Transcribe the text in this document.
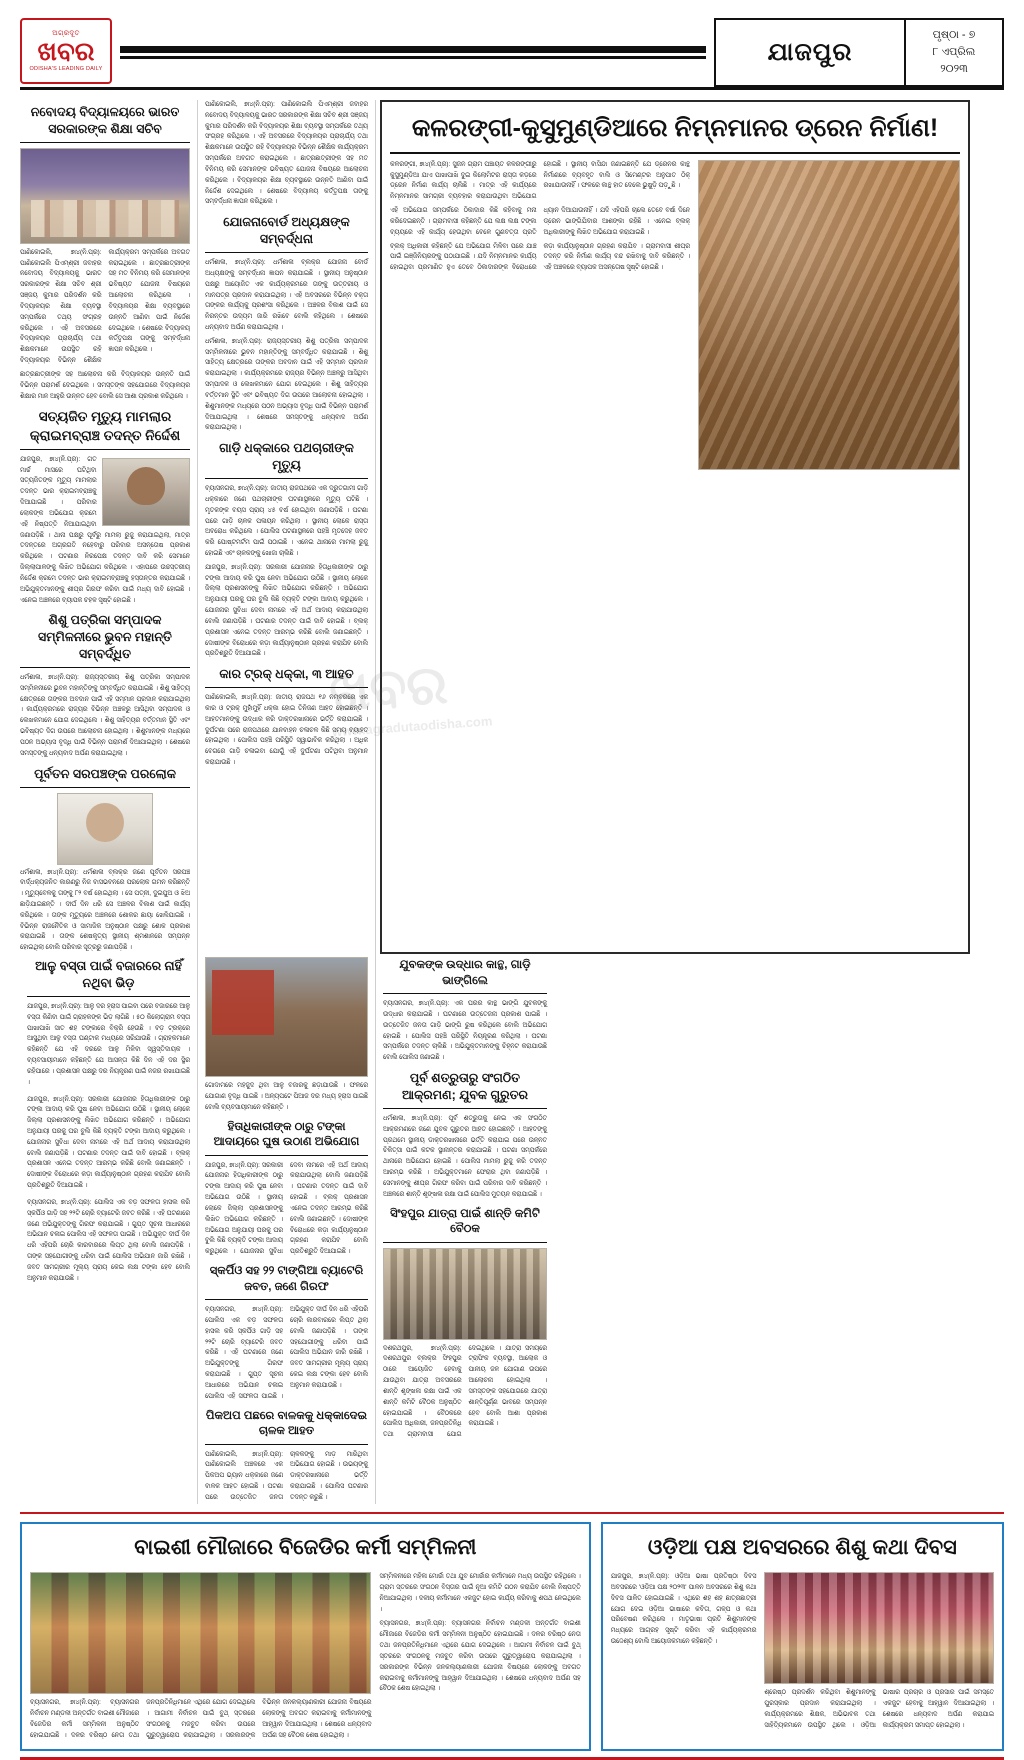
ଅଗ୍ରଦୂତ
ଖବର
ODISHA'S LEADING DAILY
ଯାଜପୁର
ପୃଷ୍ଠା - ୭
୮ ଏପ୍ରିଲ
୨୦୨୩
ନବୋଦୟ ବିଦ୍ୟାଳୟରେ ଭାରତ ସରକାରଙ୍କ ଶିକ୍ଷା ସଚିବ
ପାଣିକୋଇଲି, ୭ା୪(ନି.ପ୍ର): ପାଣିକୋଇଲି ପିଏମ୍‌ଶ୍ରୀ ଜବାହର ନବୋଦୟ ବିଦ୍ୟାଳୟକୁ ଭାରତ ସରକାରଙ୍କ ଶିକ୍ଷା ସଚିବ ଶ୍ରୀ ସଞ୍ଜୟ କୁମାର ପରିଦର୍ଶନ କରି ବିଦ୍ୟାଳୟର ଶିକ୍ଷା ବ୍ୟବସ୍ଥା ସମ୍ପର୍କରେ ତଥ୍ୟ ସଂଗ୍ରହ କରିଥିଲେ । ଏହି ଅବସରରେ ବିଦ୍ୟାଳୟର ପ୍ରାଚାର୍ଯ୍ୟ ତଥା ଶିକ୍ଷକମାନେ ଉପସ୍ଥିତ ରହି ବିଦ୍ୟାଳୟର ବିଭିନ୍ନ ଶୈକ୍ଷିକ କାର୍ଯ୍ୟକ୍ରମ ସମ୍ପର୍କରେ ଅବଗତ କରାଇଥିଲେ । ଛାତ୍ରଛାତ୍ରୀଙ୍କ ସହ ମତ ବିନିମୟ କରି ସେମାନଙ୍କ ଭବିଷ୍ୟତ ଯୋଜନା ବିଷୟରେ ଆଲୋଚନା କରିଥିଲେ । ବିଦ୍ୟାଳୟର ଶିକ୍ଷା ବ୍ୟବସ୍ଥାରେ ଉନ୍ନତି ଆଣିବା ପାଇଁ ନିର୍ଦ୍ଦେଶ ଦେଇଥିଲେ । ଶେଷରେ ବିଦ୍ୟାଳୟ କର୍ତ୍ତୃପକ୍ଷ ତାଙ୍କୁ ସମ୍ବର୍ଦ୍ଧନା ଜ୍ଞାପନ କରିଥିଲେ ।
ଛାତ୍ରଛାତ୍ରୀଙ୍କ ସହ ଆଲୋଚନା କରି ବିଦ୍ୟାଳୟର ଉନ୍ନତି ପାଇଁ ବିଭିନ୍ନ ପରାମର୍ଶ ଦେଇଥିଲେ । ସମସ୍ତଙ୍କ ସହଯୋଗରେ ବିଦ୍ୟାଳୟର ଶିକ୍ଷାର ମାନ ଆହୁରି ଉନ୍ନତ ହେବ ବୋଲି ସେ ଆଶା ପ୍ରକାଶ କରିଥିଲେ ।
ସତ୍ୟଜିତ ମୃତ୍ୟୁ ମାମଲାର କ୍ରାଇମବ୍ରାଞ୍ଚ ତଦନ୍ତ ନିର୍ଦ୍ଦେଶ
ଯାଜପୁର, ୭ା୪(ନି.ପ୍ର): ଗତ ମାର୍ଚ୍ଚ ମାସରେ ଘଟିଥିବା ସତ୍ୟଜିତଙ୍କ ମୃତ୍ୟୁ ମାମଲାର ତଦନ୍ତ ଭାର କ୍ରାଇମବ୍ରାଞ୍ଚକୁ ଦିଆଯାଇଛି । ପରିବାର ଲୋକଙ୍କ ଅଭିଯୋଗ କ୍ରମେ ଏହି ନିଷ୍ପତ୍ତି ନିଆଯାଇଥିବା ଜଣାପଡ଼ିଛି । ଥାନା ପକ୍ଷରୁ ପୂର୍ବରୁ ମାମଲା ରୁଜୁ କରାଯାଇଥିଲା, ମାତ୍ର ତଦନ୍ତରେ ଅଗ୍ରଗତି ନହେବାରୁ ପରିବାର ଅସନ୍ତୋଷ ପ୍ରକାଶ କରିଥିଲେ । ଘଟଣାର ନିରପେକ୍ଷ ତଦନ୍ତ ଦାବି କରି ସେମାନେ ଜିଲ୍ଲାପାଳଙ୍କୁ ଲିଖିତ ଅଭିଯୋଗ କରିଥିଲେ । ଏହାପରେ ଉଚ୍ଚସ୍ତରୀୟ ନିର୍ଦ୍ଦେଶ କ୍ରମେ ତଦନ୍ତ ଭାର କ୍ରାଇମବ୍ରାଞ୍ଚକୁ ହସ୍ତାନ୍ତର କରାଯାଇଛି । ଅଭିଯୁକ୍ତମାନଙ୍କୁ ଶୀଘ୍ର ଗିରଫ କରିବା ପାଇଁ ମଧ୍ୟ ଦାବି ହୋଇଛି । ଏନେଇ ଅଞ୍ଚଳରେ ବ୍ୟାପକ ଚହଳ ସୃଷ୍ଟି ହୋଇଛି ।
ଶିଶୁ ପତ୍ରିକା ସମ୍ପାଦକ ସମ୍ମିଳନୀରେ ଭୁବନ ମହାନ୍ତି ସମ୍ବର୍ଦ୍ଧିତ
ଧର୍ମଶାଳା, ୭ା୪(ନି.ପ୍ର): ରାଜ୍ୟସ୍ତରୀୟ ଶିଶୁ ପତ୍ରିକା ସମ୍ପାଦକ ସମ୍ମିଳନୀରେ ଭୁବନ ମହାନ୍ତିଙ୍କୁ ସମ୍ବର୍ଦ୍ଧିତ କରାଯାଇଛି । ଶିଶୁ ସାହିତ୍ୟ କ୍ଷେତ୍ରରେ ତାଙ୍କର ଅବଦାନ ପାଇଁ ଏହି ସମ୍ମାନ ପ୍ରଦାନ କରାଯାଇଥିଲା । କାର୍ଯ୍ୟକ୍ରମରେ ରାଜ୍ୟର ବିଭିନ୍ନ ଅଞ୍ଚଳରୁ ଆସିଥିବା ସମ୍ପାଦକ ଓ ଲେଖକମାନେ ଯୋଗ ଦେଇଥିଲେ । ଶିଶୁ ସାହିତ୍ୟର ବର୍ତ୍ତମାନ ସ୍ଥିତି ଏବଂ ଭବିଷ୍ୟତ ଦିଗ ଉପରେ ଆଲୋଚନା ହୋଇଥିଲା । ଶିଶୁମାନଙ୍କ ମଧ୍ୟରେ ପଠନ ଅଭ୍ୟାସ ବୃଦ୍ଧି ପାଇଁ ବିଭିନ୍ନ ପରାମର୍ଶ ଦିଆଯାଇଥିଲା । ଶେଷରେ ସମସ୍ତଙ୍କୁ ଧନ୍ୟବାଦ ଅର୍ପଣ କରାଯାଇଥିଲା ।
ପୂର୍ବତନ ସରପଞ୍ଚଙ୍କ ପରଲୋକ
ଧର୍ମଶାଳା, ୭ା୪(ନି.ପ୍ର): ଧର୍ମଶାଳା ବ୍ଲକ୍‌ର ଜଣେ ପୂର୍ବତନ ସରପଞ୍ଚ ବାର୍ଦ୍ଧକ୍ୟଜନିତ କାରଣରୁ ନିଜ ବାସଭବନରେ ପରଲୋକ ଗମନ କରିଛନ୍ତି । ମୃତ୍ୟୁବେଳକୁ ତାଙ୍କୁ ୮୨ ବର୍ଷ ହୋଇଥିଲା । ସେ ପତ୍ନୀ, ଦୁଇପୁଅ ଓ ଝିଅ ଛାଡ଼ିଯାଇଛନ୍ତି । ଦୀର୍ଘ ଦିନ ଧରି ସେ ଅଞ୍ଚଳର ବିକାଶ ପାଇଁ କାର୍ଯ୍ୟ କରିଥିଲେ । ତାଙ୍କ ମୃତ୍ୟୁରେ ଅଞ୍ଚଳରେ ଶୋକର ଛାୟା ଖେଳିଯାଇଛି । ବିଭିନ୍ନ ରାଜନୈତିକ ଓ ସାମାଜିକ ଅନୁଷ୍ଠାନ ପକ୍ଷରୁ ଶୋକ ପ୍ରକାଶ କରାଯାଇଛି । ତାଙ୍କ ଶେଷକୃତ୍ୟ ସ୍ଥାନୀୟ ଶ୍ମଶାନରେ ସମ୍ପନ୍ନ ହୋଇଥିଲା ବୋଲି ପରିବାର ସୂତ୍ରରୁ ଜଣାପଡ଼ିଛି ।
ପାଣିକୋଇଲି, ୭ା୪(ନି.ପ୍ର): ପାଣିକୋଇଲି ପିଏମ୍‌ଶ୍ରୀ ଜବାହର ନବୋଦୟ ବିଦ୍ୟାଳୟକୁ ଭାରତ ସରକାରଙ୍କ ଶିକ୍ଷା ସଚିବ ଶ୍ରୀ ସଞ୍ଜୟ କୁମାର ପରିଦର୍ଶନ କରି ବିଦ୍ୟାଳୟର ଶିକ୍ଷା ବ୍ୟବସ୍ଥା ସମ୍ପର୍କରେ ତଥ୍ୟ ସଂଗ୍ରହ କରିଥିଲେ । ଏହି ଅବସରରେ ବିଦ୍ୟାଳୟର ପ୍ରାଚାର୍ଯ୍ୟ ତଥା ଶିକ୍ଷକମାନେ ଉପସ୍ଥିତ ରହି ବିଦ୍ୟାଳୟର ବିଭିନ୍ନ ଶୈକ୍ଷିକ କାର୍ଯ୍ୟକ୍ରମ ସମ୍ପର୍କରେ ଅବଗତ କରାଇଥିଲେ । ଛାତ୍ରଛାତ୍ରୀଙ୍କ ସହ ମତ ବିନିମୟ କରି ସେମାନଙ୍କ ଭବିଷ୍ୟତ ଯୋଜନା ବିଷୟରେ ଆଲୋଚନା କରିଥିଲେ । ବିଦ୍ୟାଳୟର ଶିକ୍ଷା ବ୍ୟବସ୍ଥାରେ ଉନ୍ନତି ଆଣିବା ପାଇଁ ନିର୍ଦ୍ଦେଶ ଦେଇଥିଲେ । ଶେଷରେ ବିଦ୍ୟାଳୟ କର୍ତ୍ତୃପକ୍ଷ ତାଙ୍କୁ ସମ୍ବର୍ଦ୍ଧନା ଜ୍ଞାପନ କରିଥିଲେ ।
ଯୋଜନାବୋର୍ଡ ଅଧ୍ୟକ୍ଷଙ୍କ ସମ୍ବର୍ଦ୍ଧନା
ଧର୍ମଶାଳା, ୭ା୪(ନି.ପ୍ର): ଧର୍ମଶାଳା ବ୍ଲକ୍‌ର ଯୋଜନା ବୋର୍ଡ ଅଧ୍ୟକ୍ଷଙ୍କୁ ସମ୍ବର୍ଦ୍ଧନା ଜ୍ଞାପନ କରାଯାଇଛି । ସ୍ଥାନୀୟ ଅନୁଷ୍ଠାନ ପକ୍ଷରୁ ଆୟୋଜିତ ଏକ କାର୍ଯ୍ୟକ୍ରମରେ ତାଙ୍କୁ ଉତ୍ତରୀୟ ଓ ମାନପତ୍ର ପ୍ରଦାନ କରାଯାଇଥିଲା । ଏହି ଅବସରରେ ବିଭିନ୍ନ ବକ୍ତା ତାଙ୍କର କାର୍ଯ୍ୟକୁ ପ୍ରଶଂସା କରିଥିଲେ । ଅଞ୍ଚଳର ବିକାଶ ପାଇଁ ସେ ନିରନ୍ତର ଉଦ୍ୟମ ଜାରି ରଖିବେ ବୋଲି କହିଥିଲେ । ଶେଷରେ ଧନ୍ୟବାଦ ଅର୍ପଣ କରାଯାଇଥିଲା ।
ଧର୍ମଶାଳା, ୭ା୪(ନି.ପ୍ର): ରାଜ୍ୟସ୍ତରୀୟ ଶିଶୁ ପତ୍ରିକା ସମ୍ପାଦକ ସମ୍ମିଳନୀରେ ଭୁବନ ମହାନ୍ତିଙ୍କୁ ସମ୍ବର୍ଦ୍ଧିତ କରାଯାଇଛି । ଶିଶୁ ସାହିତ୍ୟ କ୍ଷେତ୍ରରେ ତାଙ୍କର ଅବଦାନ ପାଇଁ ଏହି ସମ୍ମାନ ପ୍ରଦାନ କରାଯାଇଥିଲା । କାର୍ଯ୍ୟକ୍ରମରେ ରାଜ୍ୟର ବିଭିନ୍ନ ଅଞ୍ଚଳରୁ ଆସିଥିବା ସମ୍ପାଦକ ଓ ଲେଖକମାନେ ଯୋଗ ଦେଇଥିଲେ । ଶିଶୁ ସାହିତ୍ୟର ବର୍ତ୍ତମାନ ସ୍ଥିତି ଏବଂ ଭବିଷ୍ୟତ ଦିଗ ଉପରେ ଆଲୋଚନା ହୋଇଥିଲା । ଶିଶୁମାନଙ୍କ ମଧ୍ୟରେ ପଠନ ଅଭ୍ୟାସ ବୃଦ୍ଧି ପାଇଁ ବିଭିନ୍ନ ପରାମର୍ଶ ଦିଆଯାଇଥିଲା । ଶେଷରେ ସମସ୍ତଙ୍କୁ ଧନ୍ୟବାଦ ଅର୍ପଣ କରାଯାଇଥିଲା ।
ଗାଡ଼ି ଧକ୍କାରେ ପଥଚାରୀଙ୍କ ମୃତ୍ୟୁ
ବ୍ୟାସନଗର, ୭ା୪(ନି.ପ୍ର): ଜାତୀୟ ରାଜପଥରେ ଏକ ଦ୍ରୁତଗାମୀ ଗାଡ଼ି ଧକ୍କାରେ ଜଣେ ପଥଚାରୀଙ୍କ ଘଟଣାସ୍ଥଳରେ ମୃତ୍ୟୁ ଘଟିଛି । ମୃତକଙ୍କ ବୟସ ପ୍ରାୟ ୪୫ ବର୍ଷ ହୋଇଥିବା ଜଣାପଡ଼ିଛି । ଘଟଣା ପରେ ଗାଡ଼ି ଚାଳକ ପଳାୟନ କରିଥିଲା । ସ୍ଥାନୀୟ ଲୋକେ ରାସ୍ତା ଅବରୋଧ କରିଥିଲେ । ପୋଲିସ ଘଟଣାସ୍ଥଳରେ ପହଞ୍ଚି ମୃତଦେହ ଜବତ କରି ପୋଷ୍ଟମର୍ଟମ ପାଇଁ ପଠାଇଛି । ଏନେଇ ଥାନାରେ ମାମଲା ରୁଜୁ ହୋଇଛି ଏବଂ ଚାଳକଙ୍କୁ ଖୋଜା ଚାଲିଛି ।
ଯାଜପୁର, ୭ା୪(ନି.ପ୍ର): ସରକାରୀ ଯୋଜନାର ହିତାଧିକାରୀଙ୍କ ଠାରୁ ଟଙ୍କା ଆଦାୟ କରି ଘୁଷ ନେବା ଅଭିଯୋଗ ଉଠିଛି । ସ୍ଥାନୀୟ ଲୋକେ ଜିଲ୍ଲା ପ୍ରଶାସନଙ୍କୁ ଲିଖିତ ଅଭିଯୋଗ କରିଛନ୍ତି । ଅଭିଯୋଗ ଅନୁଯାୟୀ ଘରକୁ ଘର ବୁଲି କିଛି ବ୍ୟକ୍ତି ଟଙ୍କା ଆଦାୟ କରୁଥିଲେ । ଯୋଜନାର ସୁବିଧା ଦେବା ନାମରେ ଏହି ଅର୍ଥ ଆଦାୟ କରାଯାଉଥିଲା ବୋଲି ଜଣାପଡ଼ିଛି । ଘଟଣାର ତଦନ୍ତ ପାଇଁ ଦାବି ହୋଇଛି । ବ୍ଲକ୍‌ ପ୍ରଶାସନ ଏନେଇ ତଦନ୍ତ ଆରମ୍ଭ କରିଛି ବୋଲି ଜଣାଇଛନ୍ତି । ଦୋଷୀଙ୍କ ବିରୋଧରେ କଡ଼ା କାର୍ଯ୍ୟାନୁଷ୍ଠାନ ଗ୍ରହଣ କରାଯିବ ବୋଲି ପ୍ରତିଶ୍ରୁତି ଦିଆଯାଇଛି ।
କାର ଟ୍ରକ୍‌ ଧକ୍କା, ୩ ଆହତ
ପାଣିକୋଇଲି, ୭ା୪(ନି.ପ୍ର): ଜାତୀୟ ରାଜପଥ ୧୬ ନମ୍ବରରେ ଏକ କାର ଓ ଟ୍ରକ୍‌ ମୁହାଁମୁହିଁ ଧକ୍କା ହୋଇ ତିନିଜଣ ଆହତ ହୋଇଛନ୍ତି । ଆହତମାନଙ୍କୁ ଉଦ୍ଧାର କରି ଡାକ୍ତରଖାନାରେ ଭର୍ତ୍ତି କରାଯାଇଛି । ଦୁର୍ଘଟଣା ପରେ ରାଜପଥରେ ଯାନବାହନ ଚଳାଚଳ କିଛି ସମୟ ବ୍ୟାହତ ହୋଇଥିଲା । ପୋଲିସ ପହଞ୍ଚି ପରିସ୍ଥିତି ସ୍ୱାଭାବିକ କରିଥିଲା । ଅଧିକ ବେଗରେ ଗାଡ଼ି ଚଳାଇବା ଯୋଗୁଁ ଏହି ଦୁର୍ଘଟଣା ଘଟିଥିବା ଅନୁମାନ କରାଯାଉଛି ।
କଳରଙ୍ଗୀ-କୁସୁମୁଣ୍ଡିଆରେ ନିମ୍ନମାନର ଡ୍ରେନ ନିର୍ମାଣ!
କଳରଙ୍ଗୀ, ୭ା୪(ନି.ପ୍ର): ସୁଜନ ଗ୍ରାମ ପଞ୍ଚାୟତ କଳରଙ୍ଗୀରୁ କୁସୁମୁଣ୍ଡିଆ ଯାଏ ପାଖାପାଖି ଦୁଇ କିଲୋମିଟର ରାସ୍ତା କଡ଼ରେ ଡ୍ରେନ ନିର୍ମାଣ କାର୍ଯ୍ୟ ଚାଲିଛି । ମାତ୍ର ଏହି କାର୍ଯ୍ୟରେ ନିମ୍ନମାନର ସାମଗ୍ରୀ ବ୍ୟବହାର କରାଯାଉଥିବା ଅଭିଯୋଗ ହୋଇଛି । ସ୍ଥାନୀୟ ବାସିନ୍ଦା ଜଣାଇଛନ୍ତି ଯେ ଡ୍ରେନର କାନ୍ଥ ନିର୍ମାଣରେ ବ୍ୟବହୃତ ବାଲି ଓ ସିମେଣ୍ଟର ଅନୁପାତ ଠିକ୍‌ ରଖାଯାଉନାହିଁ । ଫଳରେ କାନ୍ଥ ହାତ ଦେଲେ ଭୁଷୁଡ଼ି ପଡ଼ୁଛି ।
ଏହି ଅଭିଯୋଗ ସମ୍ପର୍କରେ ଠିକାଦାର କିଛି କହିବାକୁ ମନା କରିଦେଇଛନ୍ତି । ଗ୍ରାମବାସୀ କହିଛନ୍ତି ଯେ ଲକ୍ଷ ଲକ୍ଷ ଟଙ୍କା ବ୍ୟୟରେ ଏହି କାର୍ଯ୍ୟ ହେଉଥିବା ବେଳେ ଗୁଣବତ୍ତା ପ୍ରତି ଧ୍ୟାନ ଦିଆଯାଉନାହିଁ । ଯଦି ଏହିପରି ଚାଲେ ତେବେ ବର୍ଷା ଦିନେ ଡ୍ରେନ ଭାଙ୍ଗିଯିବାର ଆଶଙ୍କା ରହିଛି । ଏନେଇ ବ୍ଲକ୍‌ ଅଧିକାରୀଙ୍କୁ ଲିଖିତ ଅଭିଯୋଗ କରାଯାଇଛି ।
ବ୍ଲକ୍‌ ଅଧିକାରୀ କହିଛନ୍ତି ଯେ ଅଭିଯୋଗ ମିଳିବା ପରେ ଯାଞ୍ଚ ପାଇଁ ଇଞ୍ଜିନିୟରଙ୍କୁ ପଠାଯାଇଛି । ଯଦି ନିମ୍ନମାନର କାର୍ଯ୍ୟ ହୋଇଥିବା ପ୍ରମାଣିତ ହୁଏ ତେବେ ଠିକାଦାରଙ୍କ ବିରୋଧରେ କଡ଼ା କାର୍ଯ୍ୟାନୁଷ୍ଠାନ ଗ୍ରହଣ କରାଯିବ । ଗ୍ରାମବାସୀ ଶୀଘ୍ର ତଦନ୍ତ କରି ନିର୍ମାଣ କାର୍ଯ୍ୟ ବନ୍ଦ ରଖିବାକୁ ଦାବି କରିଛନ୍ତି । ଏହି ଅଞ୍ଚଳରେ ବ୍ୟାପକ ଅସନ୍ତୋଷ ସୃଷ୍ଟି ହୋଇଛି ।
ଆଳୁ ବସ୍ତା ପାଇଁ ବଜାରରେ ନାହିଁ ନଥିବା ଭିଡ଼
ଯାଜପୁର, ୭ା୪(ନି.ପ୍ର): ଆଳୁ ଦର ହ୍ରାସ ପାଇବା ପରେ ବଜାରରେ ଆଳୁ ବସ୍ତା କିଣିବା ପାଇଁ ଗ୍ରାହକଙ୍କ ଭିଡ଼ ଲାଗିଛି । ୫୦ କିଲୋଗ୍ରାମ ବସ୍ତା ପାଖାପାଖି ସାତ ଶହ ଟଙ୍କାରେ ବିକ୍ରି ହେଉଛି । ବଡ଼ ଟ୍ରକ୍‌ରେ ଆସୁଥିବା ଆଳୁ ବସ୍ତା ଘଣ୍ଟାକ ମଧ୍ୟରେ ସରିଯାଉଛି । ଗ୍ରାହକମାନେ କହିଛନ୍ତି ଯେ ଏହି ଦରରେ ଆଳୁ ମିଳିବା ସ୍ୱସ୍ତିଦାୟକ । ବ୍ୟବସାୟୀମାନେ କହିଛନ୍ତି ଯେ ଆସନ୍ତା କିଛି ଦିନ ଏହି ଦର ସ୍ଥିର ରହିପାରେ । ପ୍ରଶାସନ ପକ୍ଷରୁ ଦର ନିୟନ୍ତ୍ରଣ ପାଇଁ ନଜର ରଖାଯାଇଛି ।
ଯାଜପୁର, ୭ା୪(ନି.ପ୍ର): ସରକାରୀ ଯୋଜନାର ହିତାଧିକାରୀଙ୍କ ଠାରୁ ଟଙ୍କା ଆଦାୟ କରି ଘୁଷ ନେବା ଅଭିଯୋଗ ଉଠିଛି । ସ୍ଥାନୀୟ ଲୋକେ ଜିଲ୍ଲା ପ୍ରଶାସନଙ୍କୁ ଲିଖିତ ଅଭିଯୋଗ କରିଛନ୍ତି । ଅଭିଯୋଗ ଅନୁଯାୟୀ ଘରକୁ ଘର ବୁଲି କିଛି ବ୍ୟକ୍ତି ଟଙ୍କା ଆଦାୟ କରୁଥିଲେ । ଯୋଜନାର ସୁବିଧା ଦେବା ନାମରେ ଏହି ଅର୍ଥ ଆଦାୟ କରାଯାଉଥିଲା ବୋଲି ଜଣାପଡ଼ିଛି । ଘଟଣାର ତଦନ୍ତ ପାଇଁ ଦାବି ହୋଇଛି । ବ୍ଲକ୍‌ ପ୍ରଶାସନ ଏନେଇ ତଦନ୍ତ ଆରମ୍ଭ କରିଛି ବୋଲି ଜଣାଇଛନ୍ତି । ଦୋଷୀଙ୍କ ବିରୋଧରେ କଡ଼ା କାର୍ଯ୍ୟାନୁଷ୍ଠାନ ଗ୍ରହଣ କରାଯିବ ବୋଲି ପ୍ରତିଶ୍ରୁତି ଦିଆଯାଇଛି ।
ବ୍ୟାସନଗର, ୭ା୪(ନି.ପ୍ର): ପୋଲିସ ଏକ ବଡ଼ ସଫଳତା ହାସଲ କରି ସ୍କର୍ପିଓ ଗାଡ଼ି ସହ ୨୨ଟି ଚୋରି ବ୍ୟାଟେରି ଜବତ କରିଛି । ଏହି ଘଟଣାରେ ଜଣେ ଅଭିଯୁକ୍ତଙ୍କୁ ଗିରଫ କରାଯାଇଛି । ଗୁପ୍ତ ସୂଚନା ଆଧାରରେ ଅଭିଯାନ ଚଳାଇ ପୋଲିସ ଏହି ସଫଳତା ପାଇଛି । ଅଭିଯୁକ୍ତ ଦୀର୍ଘ ଦିନ ଧରି ଏହିପରି ଚୋରି କାରବାରରେ ଲିପ୍ତ ଥିଲା ବୋଲି ଜଣାପଡ଼ିଛି । ତାଙ୍କ ସହଯୋଗୀଙ୍କୁ ଧରିବା ପାଇଁ ପୋଲିସ ଅଭିଯାନ ଜାରି ରଖିଛି । ଜବତ ସାମଗ୍ରୀର ମୂଲ୍ୟ ପ୍ରାୟ କେଇ ଲକ୍ଷ ଟଙ୍କା ହେବ ବୋଲି ଅନୁମାନ କରାଯାଉଛି ।
ଗୋଦାମରେ ମହଜୁଦ ଥିବା ଆଳୁ ବଜାରକୁ ଛଡ଼ାଯାଉଛି । ଫଳରେ ଯୋଗାଣ ବୃଦ୍ଧି ପାଇଛି । ଅନ୍ୟପଟେ ପିଆଜ ଦର ମଧ୍ୟ ହ୍ରାସ ପାଇଛି ବୋଲି ବ୍ୟବସାୟୀମାନେ କହିଛନ୍ତି ।
ହିତାଧିକାରୀଙ୍କ ଠାରୁ ଟଙ୍କା ଆଦାୟରେ ଘୁଷ ଉଠାଣ ଅଭିଯୋଗ
ଯାଜପୁର, ୭ା୪(ନି.ପ୍ର): ସରକାରୀ ଯୋଜନାର ହିତାଧିକାରୀଙ୍କ ଠାରୁ ଟଙ୍କା ଆଦାୟ କରି ଘୁଷ ନେବା ଅଭିଯୋଗ ଉଠିଛି । ସ୍ଥାନୀୟ ଲୋକେ ଜିଲ୍ଲା ପ୍ରଶାସନଙ୍କୁ ଲିଖିତ ଅଭିଯୋଗ କରିଛନ୍ତି । ଅଭିଯୋଗ ଅନୁଯାୟୀ ଘରକୁ ଘର ବୁଲି କିଛି ବ୍ୟକ୍ତି ଟଙ୍କା ଆଦାୟ କରୁଥିଲେ । ଯୋଜନାର ସୁବିଧା ଦେବା ନାମରେ ଏହି ଅର୍ଥ ଆଦାୟ କରାଯାଉଥିଲା ବୋଲି ଜଣାପଡ଼ିଛି । ଘଟଣାର ତଦନ୍ତ ପାଇଁ ଦାବି ହୋଇଛି । ବ୍ଲକ୍‌ ପ୍ରଶାସନ ଏନେଇ ତଦନ୍ତ ଆରମ୍ଭ କରିଛି ବୋଲି ଜଣାଇଛନ୍ତି । ଦୋଷୀଙ୍କ ବିରୋଧରେ କଡ଼ା କାର୍ଯ୍ୟାନୁଷ୍ଠାନ ଗ୍ରହଣ କରାଯିବ ବୋଲି ପ୍ରତିଶ୍ରୁତି ଦିଆଯାଇଛି ।
ସ୍କର୍ପିଓ ସହ ୨୨ ଟାଙ୍ଗିଆ ବ୍ୟାଟେରି ଜବତ, ଜଣେ ଗିରଫ
ବ୍ୟାସନଗର, ୭ା୪(ନି.ପ୍ର): ପୋଲିସ ଏକ ବଡ଼ ସଫଳତା ହାସଲ କରି ସ୍କର୍ପିଓ ଗାଡ଼ି ସହ ୨୨ଟି ଚୋରି ବ୍ୟାଟେରି ଜବତ କରିଛି । ଏହି ଘଟଣାରେ ଜଣେ ଅଭିଯୁକ୍ତଙ୍କୁ ଗିରଫ କରାଯାଇଛି । ଗୁପ୍ତ ସୂଚନା ଆଧାରରେ ଅଭିଯାନ ଚଳାଇ ପୋଲିସ ଏହି ସଫଳତା ପାଇଛି । ଅଭିଯୁକ୍ତ ଦୀର୍ଘ ଦିନ ଧରି ଏହିପରି ଚୋରି କାରବାରରେ ଲିପ୍ତ ଥିଲା ବୋଲି ଜଣାପଡ଼ିଛି । ତାଙ୍କ ସହଯୋଗୀଙ୍କୁ ଧରିବା ପାଇଁ ପୋଲିସ ଅଭିଯାନ ଜାରି ରଖିଛି । ଜବତ ସାମଗ୍ରୀର ମୂଲ୍ୟ ପ୍ରାୟ କେଇ ଲକ୍ଷ ଟଙ୍କା ହେବ ବୋଲି ଅନୁମାନ କରାଯାଉଛି ।
ପିକଅପ ପଛରେ ବାଳକକୁ ଧକ୍କାଦେଇ ଚାଳକ ଆହତ
ପାଣିକୋଇଲି, ୭ା୪(ନି.ପ୍ର): ପାଣିକୋଇଲି ଅଞ୍ଚଳରେ ଏକ ପିକଅପ ଭ୍ୟାନ ଧକ୍କାରେ ଜଣେ ବାଳକ ଆହତ ହୋଇଛି । ଘଟଣା ପରେ ଉତ୍ତେଜିତ ଜନତା ଚାଳକଙ୍କୁ ମାଡ଼ ମାରିଥିବା ଅଭିଯୋଗ ହୋଇଛି । ଉଭୟଙ୍କୁ ଡାକ୍ତରଖାନାରେ ଭର୍ତ୍ତି କରାଯାଇଛି । ପୋଲିସ ଘଟଣାର ତଦନ୍ତ କରୁଛି ।
ଯୁବକଙ୍କ ଉଦ୍ଧାର କାନ୍ଥ, ଗାଡ଼ି ଭାଙ୍ଗିଲେ
ବ୍ୟାସନଗର, ୭ା୪(ନି.ପ୍ର): ଏକ ଘରର କାନ୍ଥ ଭାଙ୍ଗି ଯୁବକଙ୍କୁ ଉଦ୍ଧାର କରାଯାଇଛି । ଘଟଣାରେ ଉତ୍ତେଜନା ପ୍ରକାଶ ପାଇଛି । ଉତ୍ତେଜିତ ଜନତା ଗାଡ଼ି ଭାଙ୍ଗି ରୁଷ କରିଥିଲେ ବୋଲି ଅଭିଯୋଗ ହୋଇଛି । ପୋଲିସ ପହଞ୍ଚି ପରିସ୍ଥିତି ନିୟନ୍ତ୍ରଣ କରିଥିଲା । ଘଟଣା ସମ୍ପର୍କରେ ତଦନ୍ତ ଚାଲିଛି । ଅଭିଯୁକ୍ତମାନଙ୍କୁ ଚିହ୍ନଟ କରାଯାଉଛି ବୋଲି ପୋଲିସ ଜଣାଇଛି ।
ପୂର୍ବ ଶତ୍ରୁତାରୁ ସଂଗଠିତ ଆକ୍ରମଣ; ଯୁବକ ଗୁରୁତର
ଧର୍ମଶାଳା, ୭ା୪(ନି.ପ୍ର): ପୂର୍ବ ଶତ୍ରୁତାକୁ ନେଇ ଏକ ସଂଗଠିତ ଆକ୍ରମଣରେ ଜଣେ ଯୁବକ ଗୁରୁତର ଆହତ ହୋଇଛନ୍ତି । ଆହତଙ୍କୁ ପ୍ରଥମେ ସ୍ଥାନୀୟ ଡାକ୍ତରଖାନାରେ ଭର୍ତ୍ତି କରାଯାଇ ପରେ ଉନ୍ନତ ଚିକିତ୍ସା ପାଇଁ କଟକ ସ୍ଥାନାନ୍ତର କରାଯାଇଛି । ଘଟଣା ସମ୍ପର୍କରେ ଥାନାରେ ଅଭିଯୋଗ ହୋଇଛି । ପୋଲିସ ମାମଲା ରୁଜୁ କରି ତଦନ୍ତ ଆରମ୍ଭ କରିଛି । ଅଭିଯୁକ୍ତମାନେ ଫେରାର ଥିବା ଜଣାପଡ଼ିଛି । ସେମାନଙ୍କୁ ଶୀଘ୍ର ଗିରଫ କରିବା ପାଇଁ ପରିବାର ଦାବି କରିଛନ୍ତି । ଅଞ୍ଚଳରେ ଶାନ୍ତି ଶୃଙ୍ଖଳା ରକ୍ଷା ପାଇଁ ପୋଲିସ ମୁତୟନ କରାଯାଇଛି ।
ସିଂହପୁର ଯାତ୍ରା ପାଇଁ ଶାନ୍ତି କମିଟି ବୈଠକ
ଦଶରଥପୁର, ୭ା୪(ନି.ପ୍ର): ଦଶରଥପୁର ବ୍ଲକ୍‌ର ସିଂହପୁର ଠାରେ ଆୟୋଜିତ ହେବାକୁ ଯାଉଥିବା ଯାତ୍ରା ଅବସରରେ ଶାନ୍ତି ଶୃଙ୍ଖଳା ରକ୍ଷା ପାଇଁ ଏକ ଶାନ୍ତି କମିଟି ବୈଠକ ଅନୁଷ୍ଠିତ ହୋଇଯାଇଛି । ବୈଠକରେ ପୋଲିସ ଅଧିକାରୀ, ଜନପ୍ରତିନିଧି ତଥା ଗ୍ରାମବାସୀ ଯୋଗ ଦେଇଥିଲେ । ଯାତ୍ରା ସମୟରେ ଟ୍ରାଫିକ ବ୍ୟବସ୍ଥା, ଆଲୋକ ଓ ପାନୀୟ ଜଳ ଯୋଗାଣ ଉପରେ ଆଲୋଚନା ହୋଇଥିଲା । ସମସ୍ତଙ୍କ ସହଯୋଗରେ ଯାତ୍ରା ଶାନ୍ତିପୂର୍ଣ୍ଣ ଭାବରେ ସମ୍ପନ୍ନ ହେବ ବୋଲି ଆଶା ପ୍ରକାଶ କରାଯାଇଛି ।
ବାଇଶୀ ମୌଜାରେ ବିଜେଡିର କର୍ମୀ ସମ୍ମିଳନୀ
ବ୍ୟାସନଗର, ୭ା୪(ନି.ପ୍ର): ବ୍ୟାସନଗର ନିର୍ବାଚନ ମଣ୍ଡଳୀ ଅନ୍ତର୍ଗତ ବାଇଶୀ ମୌଜାରେ ବିଜେଡିର କର୍ମୀ ସମ୍ମିଳନୀ ଅନୁଷ୍ଠିତ ହୋଇଯାଇଛି । ଦଳର ବରିଷ୍ଠ ନେତା ତଥା ଜନପ୍ରତିନିଧିମାନେ ଏଥିରେ ଯୋଗ ଦେଇଥିଲେ । ଆଗାମୀ ନିର୍ବାଚନ ପାଇଁ ବୁଥ୍‌ ସ୍ତରରେ ସଂଗଠନକୁ ମଜବୁତ କରିବା ଉପରେ ଗୁରୁତ୍ୱାରୋପ କରାଯାଇଥିଲା । ସରକାରଙ୍କ ବିଭିନ୍ନ ଜନକଲ୍ୟାଣକାରୀ ଯୋଜନା ବିଷୟରେ ଲୋକଙ୍କୁ ଅବଗତ କରାଇବାକୁ କର୍ମୀମାନଙ୍କୁ ଆହ୍ୱାନ ଦିଆଯାଇଥିଲା । ଶେଷରେ ଧନ୍ୟବାଦ ଅର୍ପଣ ସହ ବୈଠକ ଶେଷ ହୋଇଥିଲା ।
ସମ୍ମିଳନୀରେ ମହିଳା ମୋର୍ଚ୍ଚା ତଥା ଯୁବ ମୋର୍ଚ୍ଚାର କର୍ମୀମାନେ ମଧ୍ୟ ଉପସ୍ଥିତ ରହିଥିଲେ । ଗ୍ରାମ ସ୍ତରରେ ସଂଗଠନ ବିସ୍ତାର ପାଇଁ ନୂଆ କମିଟି ଗଠନ କରାଯିବ ବୋଲି ନିଷ୍ପତ୍ତି ନିଆଯାଇଥିଲା । ଦଳୀୟ କର୍ମୀମାନେ ଏକଜୁଟ ହୋଇ କାର୍ଯ୍ୟ କରିବାକୁ ଶପଥ ନେଇଥିଲେ ।
ବ୍ୟାସନଗର, ୭ା୪(ନି.ପ୍ର): ବ୍ୟାସନଗର ନିର୍ବାଚନ ମଣ୍ଡଳୀ ଅନ୍ତର୍ଗତ ବାଇଶୀ ମୌଜାରେ ବିଜେଡିର କର୍ମୀ ସମ୍ମିଳନୀ ଅନୁଷ୍ଠିତ ହୋଇଯାଇଛି । ଦଳର ବରିଷ୍ଠ ନେତା ତଥା ଜନପ୍ରତିନିଧିମାନେ ଏଥିରେ ଯୋଗ ଦେଇଥିଲେ । ଆଗାମୀ ନିର୍ବାଚନ ପାଇଁ ବୁଥ୍‌ ସ୍ତରରେ ସଂଗଠନକୁ ମଜବୁତ କରିବା ଉପରେ ଗୁରୁତ୍ୱାରୋପ କରାଯାଇଥିଲା । ସରକାରଙ୍କ ବିଭିନ୍ନ ଜନକଲ୍ୟାଣକାରୀ ଯୋଜନା ବିଷୟରେ ଲୋକଙ୍କୁ ଅବଗତ କରାଇବାକୁ କର୍ମୀମାନଙ୍କୁ ଆହ୍ୱାନ ଦିଆଯାଇଥିଲା । ଶେଷରେ ଧନ୍ୟବାଦ ଅର୍ପଣ ସହ ବୈଠକ ଶେଷ ହୋଇଥିଲା ।
ଓଡ଼ିଆ ପକ୍ଷ ଅବସରରେ ଶିଶୁ କଥା ଦିବସ
ଯାଜପୁର, ୭ା୪(ନି.ପ୍ର): ଓଡ଼ିଆ ଭାଷା ପ୍ରତିଷ୍ଠା ଦିବସ ଅବସରରେ 'ଓଡ଼ିଆ ପକ୍ଷ ୨୦୨୩' ପାଳନ ଅବସରରେ ଶିଶୁ କଥା ଦିବସ ପାଳିତ ହୋଇଯାଇଛି । ଏଥିରେ ଶହ ଶହ ଛାତ୍ରଛାତ୍ରୀ ଯୋଗ ଦେଇ ଓଡ଼ିଆ ଭାଷାରେ କବିତା, ଗଳ୍ପ ଓ କଥା ପରିବେଷଣ କରିଥିଲେ । ମାତୃଭାଷା ପ୍ରତି ଶିଶୁମାନଙ୍କ ମଧ୍ୟରେ ଆଗ୍ରହ ସୃଷ୍ଟି କରିବା ଏହି କାର୍ଯ୍ୟକ୍ରମର ଉଦ୍ଦେଶ୍ୟ ବୋଲି ଆୟୋଜକମାନେ କହିଛନ୍ତି ।
ଶ୍ରେଷ୍ଠ ପ୍ରଦର୍ଶନ କରିଥିବା ଶିଶୁମାନଙ୍କୁ ପୁରସ୍କାର ପ୍ରଦାନ କରାଯାଇଥିଲା । କାର୍ଯ୍ୟକ୍ରମରେ ଶିକ୍ଷକ, ଅଭିଭାବକ ତଥା ସାହିତ୍ୟିକମାନେ ଉପସ୍ଥିତ ଥିଲେ । ଓଡ଼ିଆ ଭାଷାର ପ୍ରଚାର ଓ ପ୍ରସାର ପାଇଁ ସମସ୍ତେ ଏକଜୁଟ ହେବାକୁ ଆହ୍ୱାନ ଦିଆଯାଇଥିଲା । ଶେଷରେ ଧନ୍ୟବାଦ ଅର୍ପଣ କରାଯାଇ କାର୍ଯ୍ୟକ୍ରମ ସମାପ୍ତ ହୋଇଥିଲା ।
ଖବର
www.agradutaodisha.com
